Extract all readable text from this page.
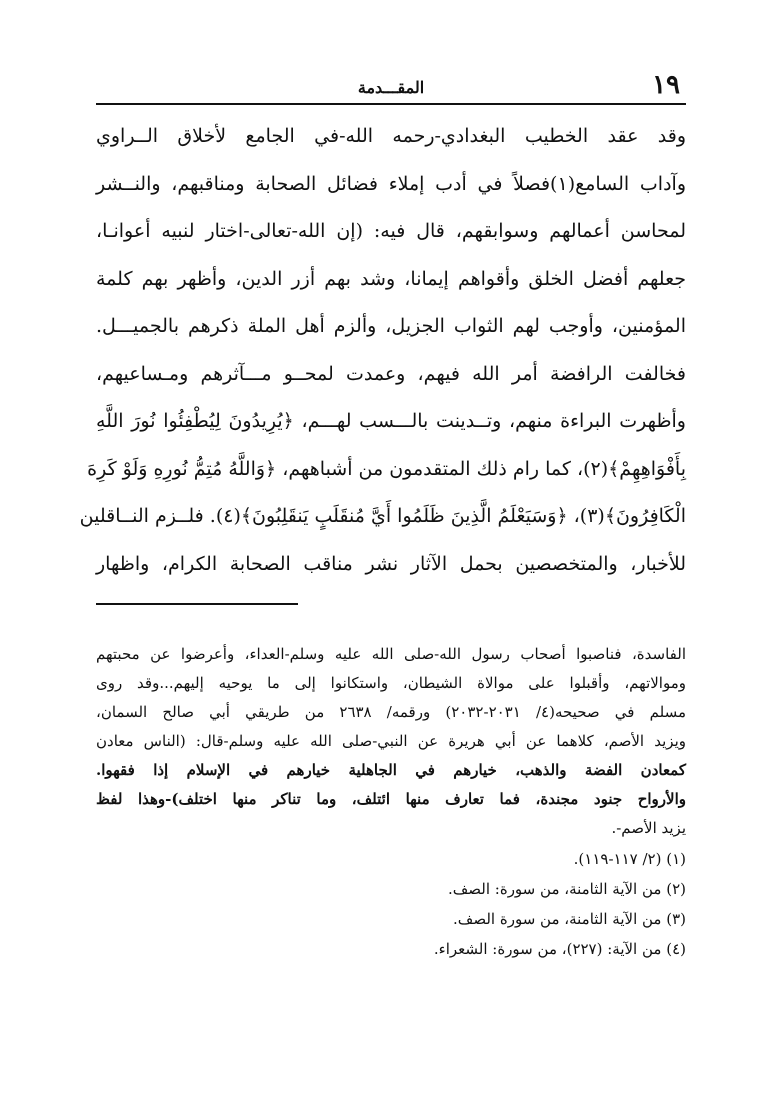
١٩
المقـــدمة
وقد عقد الخطيب البغدادي-رحمه الله-في الجامع لأخلاق الــراوي
وآداب السامع(١)فصلاً في أدب إملاء فضائل الصحابة ومناقبهم، والنــشر
لمحاسن أعمالهم وسوابقهم، قال فيه: (إن الله-تعالى-اختار لنبيه أعوانـا،
جعلهم أفضل الخلق وأقواهم إيمانا، وشد بهم أزر الدين، وأظهر بهم كلمة
المؤمنين، وأوجب لهم الثواب الجزيل، وألزم أهل الملة ذكرهم بالجميـــل.
فخالفت الرافضة أمر الله فيهم، وعمدت لمحــو مـــآثرهم ومـساعيهم،
وأظهرت البراءة منهم، وتــدينت بالـــسب لهـــم، ﴿يُرِيدُونَ لِيُطْفِئُوا نُورَ اللَّهِ
بِأَفْوَاهِهِمْ﴾(٢)، كما رام ذلك المتقدمون من أشباههم، ﴿وَاللَّهُ مُتِمُّ نُورِهِ وَلَوْ كَرِهَ
الْكَافِرُونَ﴾(٣)، ﴿وَسَيَعْلَمُ الَّذِينَ ظَلَمُوا أَيَّ مُنقَلَبٍ يَنقَلِبُونَ﴾(٤). فلــزم النــاقلين
للأخبار، والمتخصصين بحمل الآثار نشر مناقب الصحابة الكرام، واظهار
الفاسدة، فناصبوا أصحاب رسول الله-صلى الله عليه وسلم-العداء، وأعرضوا عن محبتهم
وموالاتهم، وأقبلوا على موالاة الشيطان، واستكانوا إلى ما يوحيه إليهم...وقد روى
مسلم في صحيحه(٤/ ٢٠٣١-٢٠٣٢) ورقمه/ ٢٦٣٨ من طريقي أبي صالح السمان،
ويزيد الأصم، كلاهما عن أبي هريرة عن النبي-صلى الله عليه وسلم-قال: (الناس معادن
كمعادن الفضة والذهب، خيارهم في الجاهلية خيارهم في الإسلام إذا فقهوا.
والأرواح جنود مجندة، فما تعارف منها ائتلف، وما تناكر منها اختلف)-وهذا لفظ
يزيد الأصم-.
(١) (٢/ ١١٧-١١٩).
(٢) من الآية الثامنة، من سورة: الصف.
(٣) من الآية الثامنة، من سورة الصف.
(٤) من الآية: (٢٢٧)، من سورة: الشعراء.
